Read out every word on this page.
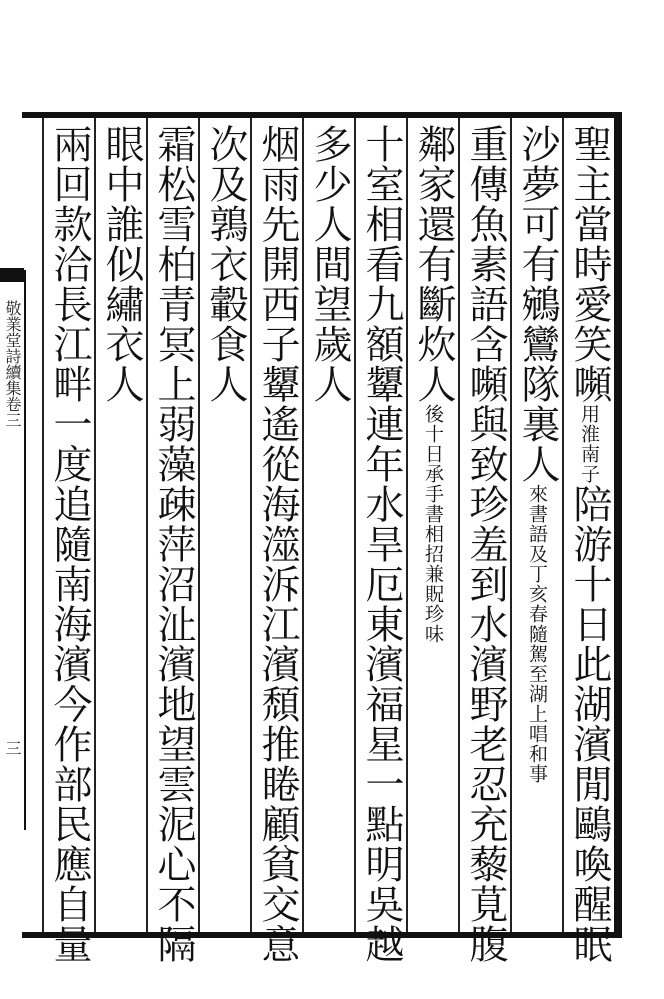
聖主當時愛笑嚬用淮南子陪游十日此湖濱閒鷗喚醒眠
沙夢可有鵷鸞隊裏人來書語及丁亥春隨駕至湖上唱和事
重傳魚素語含嚬與致珍羞到水濱野老忍充藜莧腹
鄰家還有斷炊人後十日承手書相招兼貺珍味
十室相看九額顰連年水旱厄東濱福星一點明吳越
多少人間望歲人
烟雨先開西子顰遙從海澨泝江濱頹推睠顧貧交意
次及鶉衣轂食人
霜松雪柏青冥上弱藻疎萍沼沚濱地望雲泥心不隔
眼中誰似繡衣人
兩回款洽長江畔一度追隨南海濱今作部民應自量
敬業堂詩續集卷三
三
